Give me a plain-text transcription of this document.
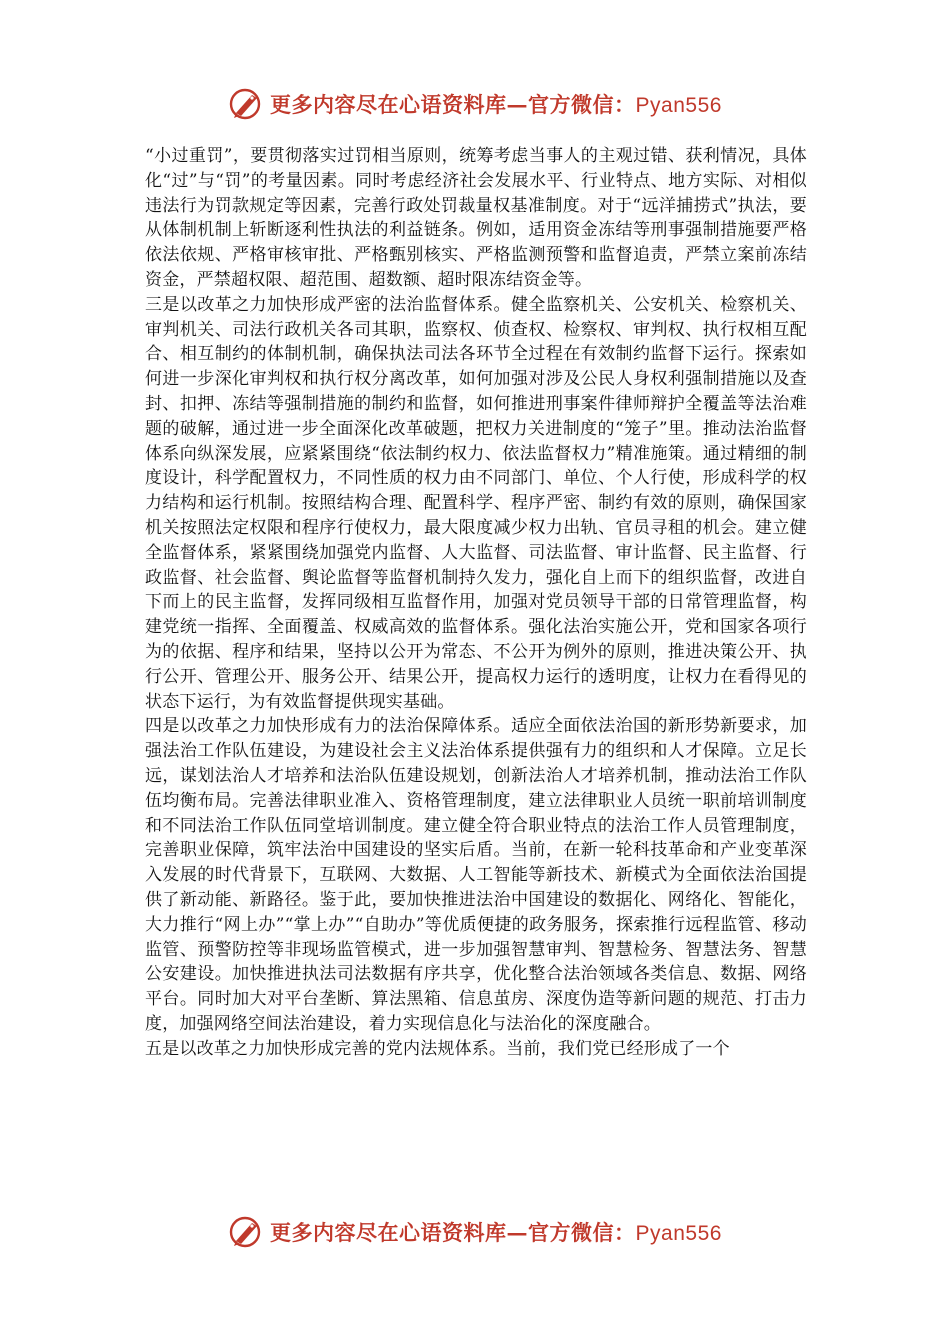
更多内容尽在心语资料库—官方微信：Pyan556

“小过重罚”，要贯彻落实过罚相当原则，统筹考虑当事人的主观过错、获利情况，具体化“过”与“罚”的考量因素。同时考虑经济社会发展水平、行业特点、地方实际、对相似违法行为罚款规定等因素，完善行政处罚裁量权基准制度。对于“远洋捕捞式”执法，要从体制机制上斩断逐利性执法的利益链条。例如，适用资金冻结等刑事强制措施要严格依法依规、严格审核审批、严格甄别核实、严格监测预警和监督追责，严禁立案前冻结资金，严禁超权限、超范围、超数额、超时限冻结资金等。

三是以改革之力加快形成严密的法治监督体系。健全监察机关、公安机关、检察机关、审判机关、司法行政机关各司其职，监察权、侦查权、检察权、审判权、执行权相互配合、相互制约的体制机制，确保执法司法各环节全过程在有效制约监督下运行。探索如何进一步深化审判权和执行权分离改革，如何加强对涉及公民人身权利强制措施以及查封、扣押、冻结等强制措施的制约和监督，如何推进刑事案件律师辩护全覆盖等法治难题的破解，通过进一步全面深化改革破题，把权力关进制度的“笼子”里。推动法治监督体系向纵深发展，应紧紧围绕“依法制约权力、依法监督权力”精准施策。通过精细的制度设计，科学配置权力，不同性质的权力由不同部门、单位、个人行使，形成科学的权力结构和运行机制。按照结构合理、配置科学、程序严密、制约有效的原则，确保国家机关按照法定权限和程序行使权力，最大限度减少权力出轨、官员寻租的机会。建立健全监督体系，紧紧围绕加强党内监督、人大监督、司法监督、审计监督、民主监督、行政监督、社会监督、舆论监督等监督机制持久发力，强化自上而下的组织监督，改进自下而上的民主监督，发挥同级相互监督作用，加强对党员领导干部的日常管理监督，构建党统一指挥、全面覆盖、权威高效的监督体系。强化法治实施公开，党和国家各项行为的依据、程序和结果，坚持以公开为常态、不公开为例外的原则，推进决策公开、执行公开、管理公开、服务公开、结果公开，提高权力运行的透明度，让权力在看得见的状态下运行，为有效监督提供现实基础。

四是以改革之力加快形成有力的法治保障体系。适应全面依法治国的新形势新要求，加强法治工作队伍建设，为建设社会主义法治体系提供强有力的组织和人才保障。立足长远，谋划法治人才培养和法治队伍建设规划，创新法治人才培养机制，推动法治工作队伍均衡布局。完善法律职业准入、资格管理制度，建立法律职业人员统一职前培训制度和不同法治工作队伍同堂培训制度。建立健全符合职业特点的法治工作人员管理制度，完善职业保障，筑牢法治中国建设的坚实后盾。当前，在新一轮科技革命和产业变革深入发展的时代背景下，互联网、大数据、人工智能等新技术、新模式为全面依法治国提供了新动能、新路径。鉴于此，要加快推进法治中国建设的数据化、网络化、智能化，大力推行“网上办”“掌上办”“自助办”等优质便捷的政务服务，探索推行远程监管、移动监管、预警防控等非现场监管模式，进一步加强智慧审判、智慧检务、智慧法务、智慧公安建设。加快推进执法司法数据有序共享，优化整合法治领域各类信息、数据、网络平台。同时加大对平台垄断、算法黑箱、信息茧房、深度伪造等新问题的规范、打击力度，加强网络空间法治建设，着力实现信息化与法治化的深度融合。

五是以改革之力加快形成完善的党内法规体系。当前，我们党已经形成了一个

更多内容尽在心语资料库—官方微信：Pyan556
